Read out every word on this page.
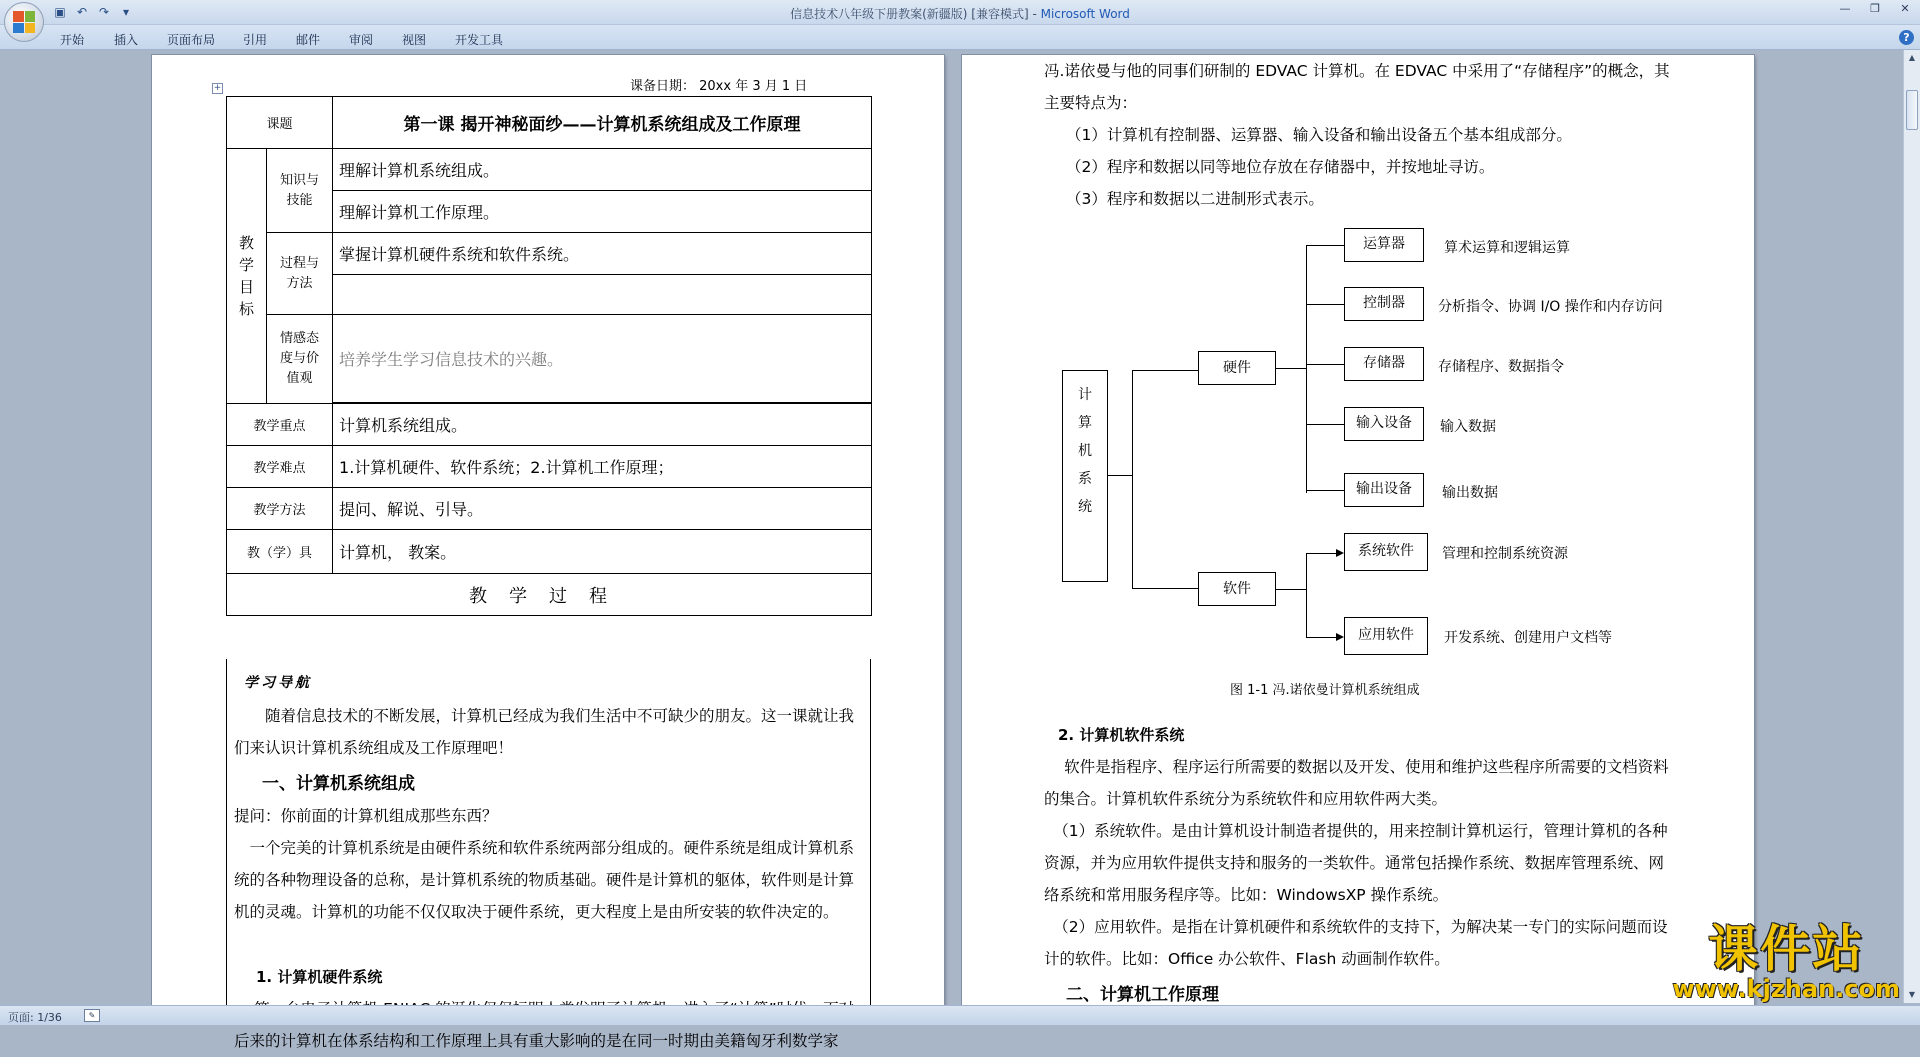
信息技术八年级下册教案(新疆版) [兼容模式] - Microsoft Word
▣ ↶ ↷	▾	—	❐	✕
开始 插入 页面布局 引用 邮件 审阅 视图 开发工具	?
课备日期： 20xx 年 3 月 1 日
+
课题		第一课 揭开神秘面纱——计算机系统组成及工作原理

教学目标	知识与技能	理解计算机系统组成。
		理解计算机工作原理。

	过程与方法	掌握计算机硬件系统和软件系统。

	情感态度与价值观	培养学生学习信息技术的兴趣。

教学重点		计算机系统组成。
教学难点		1.计算机硬件、软件系统；2.计算机工作原理；
教学方法		提问、解说、引导。
教（学）具		计算机， 教案。
教学过程		
学习导航
随着信息技术的不断发展，计算机已经成为我们生活中不可缺少的朋友。这一课就让我们来认识计算机系统组成及工作原理吧！
一、计算机系统组成
提问：你前面的计算机组成那些东西？
一个完美的计算机系统是由硬件系统和软件系统两部分组成的。硬件系统是组成计算机系统的各种物理设备的总称，是计算机系统的物质基础。硬件是计算机的躯体，软件则是计算机的灵魂。计算机的功能不仅仅取决于硬件系统，更大程度上是由所安装的软件决定的。
1. 计算机硬件系统
后来的计算机在体系结构和工作原理上具有重大影响的是在同一时期由美籍匈牙利数学家
冯.诺依曼与他的同事们研制的 EDVAC 计算机。在 EDVAC 中采用了“存储程序”的概念，其主要特点为：
（1）计算机有控制器、运算器、输入设备和输出设备五个基本组成部分。
（2）程序和数据以同等地位存放在存储器中，并按地址寻访。
（3）程序和数据以二进制形式表示。
计
算
机
系
统
硬件
软件
运算器
控制器
存储器
输入设备
输出设备
算术运算和逻辑运算
分析指令、协调 I/O 操作和内存访问
存储程序、数据指令
输入数据
输出数据
系统软件
应用软件
管理和控制系统资源
开发系统、创建用户文档等
图 1-1 冯.诺依曼计算机系统组成
2. 计算机软件系统
软件是指程序、程序运行所需要的数据以及开发、使用和维护这些程序所需要的文档资料的集合。计算机软件系统分为系统软件和应用软件两大类。
（1）系统软件。是由计算机设计制造者提供的，用来控制计算机运行，管理计算机的各种资源，并为应用软件提供支持和服务的一类软件。通常包括操作系统、数据库管理系统、网络系统和常用服务程序等。比如：WindowsXP 操作系统。
（2）应用软件。是指在计算机硬件和系统软件的支持下，为解决某一专门的实际问题而设计的软件。比如：Office 办公软件、Flash 动画制作软件。
二、计算机工作原理
▲
▼
页面: 1/36	✎
课件站
www.kjzhan.com
